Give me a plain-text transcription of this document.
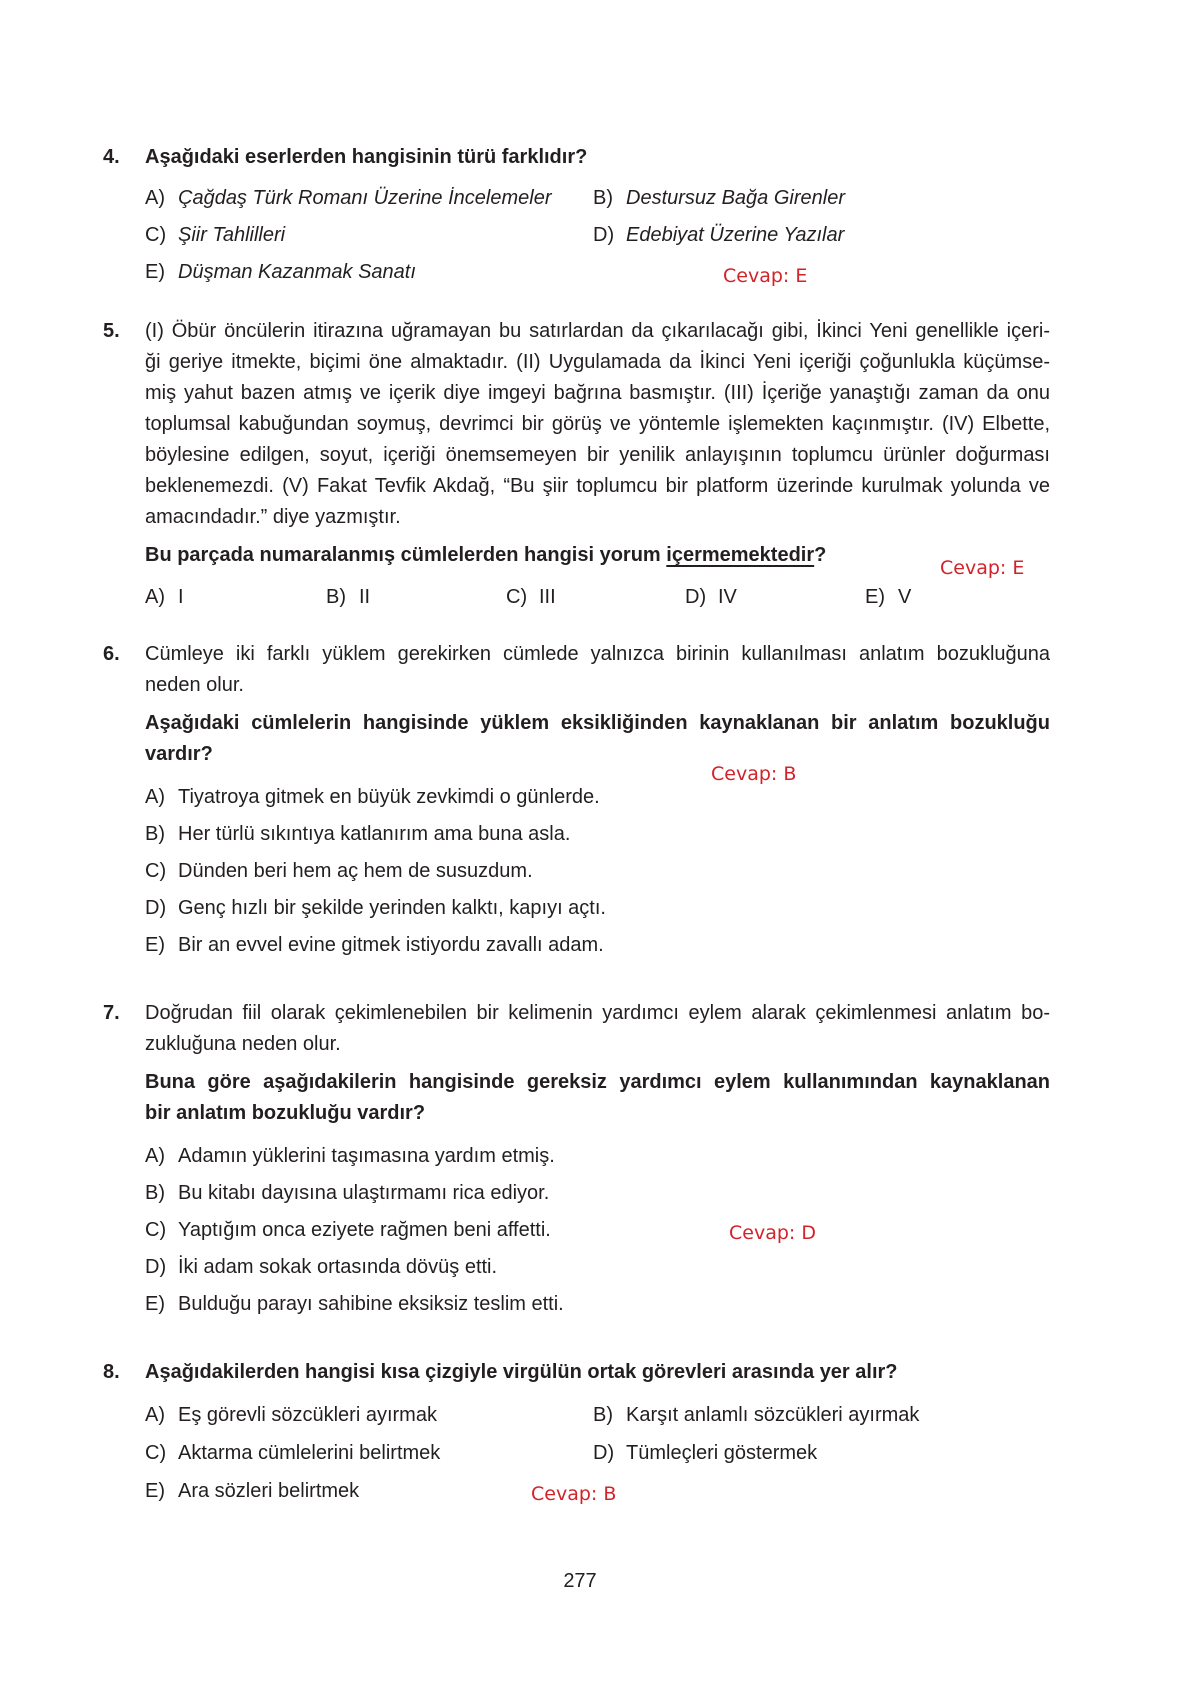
4. Aşağıdaki eserlerden hangisinin türü farklıdır?
A) Çağdaş Türk Romanı Üzerine İncelemeler B) Destursuz Bağa Girenler
C) Şiir Tahlilleri	D) Edebiyat Üzerine Yazılar
E) Düşman Kazanmak Sanatı	Cevap: E
5. (I) Öbür öncülerin itirazına uğramayan bu satırlardan da çıkarılacağı gibi, İkinci Yeni genellikle içeri-
ği geriye itmekte, biçimi öne almaktadır. (II) Uygulamada da İkinci Yeni içeriği çoğunlukla küçümse-
miş yahut bazen atmış ve içerik diye imgeyi bağrına basmıştır. (III) İçeriğe yanaştığı zaman da onu
toplumsal kabuğundan soymuş, devrimci bir görüş ve yöntemle işlemekten kaçınmıştır. (IV) Elbette,
böylesine edilgen, soyut, içeriği önemsemeyen bir yenilik anlayışının toplumcu ürünler doğurması
beklenemezdi. (V) Fakat Tevfik Akdağ, “Bu şiir toplumcu bir platform üzerinde kurulmak yolunda ve
amacındadır.” diye yazmıştır.
Bu parçada numaralanmış cümlelerden hangisi yorum içermemektedir?
Cevap: E
A) I	B) II	C) III	D) IV	E) V
6. Cümleye iki farklı yüklem gerekirken cümlede yalnızca birinin kullanılması anlatım bozukluğuna
neden olur.
Aşağıdaki cümlelerin hangisinde yüklem eksikliğinden kaynaklanan bir anlatım bozukluğu
vardır?
Cevap: B
A) Tiyatroya gitmek en büyük zevkimdi o günlerde.
B) Her türlü sıkıntıya katlanırım ama buna asla.
C) Dünden beri hem aç hem de susuzdum.
D) Genç hızlı bir şekilde yerinden kalktı, kapıyı açtı.
E) Bir an evvel evine gitmek istiyordu zavallı adam.
7. Doğrudan fiil olarak çekimlenebilen bir kelimenin yardımcı eylem alarak çekimlenmesi anlatım bo-
zukluğuna neden olur.
Buna göre aşağıdakilerin hangisinde gereksiz yardımcı eylem kullanımından kaynaklanan
bir anlatım bozukluğu vardır?
A) Adamın yüklerini taşımasına yardım etmiş.
B) Bu kitabı dayısına ulaştırmamı rica ediyor.
C) Yaptığım onca eziyete rağmen beni affetti.	Cevap: D
D) İki adam sokak ortasında dövüş etti.
E) Bulduğu parayı sahibine eksiksiz teslim etti.
8. Aşağıdakilerden hangisi kısa çizgiyle virgülün ortak görevleri arasında yer alır?
A) Eş görevli sözcükleri ayırmak	B) Karşıt anlamlı sözcükleri ayırmak
C) Aktarma cümlelerini belirtmek	D) Tümleçleri göstermek
E) Ara sözleri belirtmek	Cevap: B
277
